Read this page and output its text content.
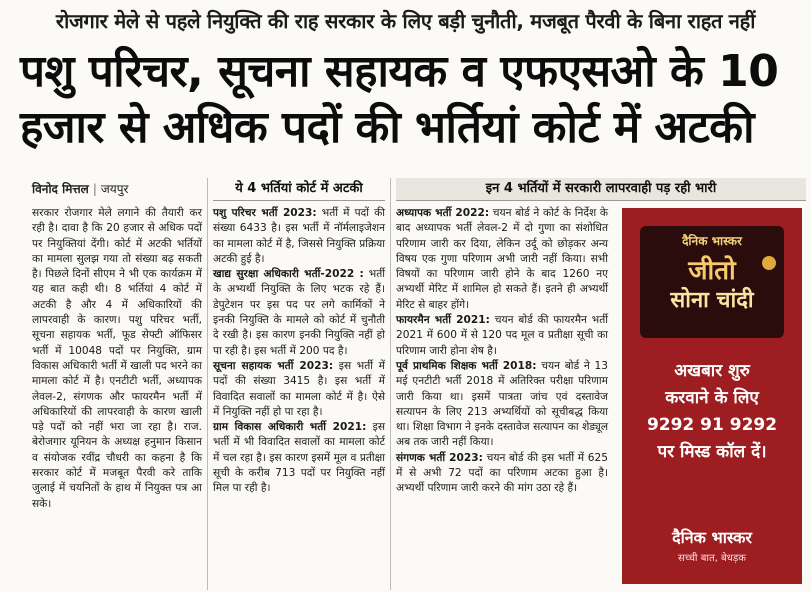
रोजगार मेले से पहले नियुक्ति की राह सरकार के लिए बड़ी चुनौती, मजबूत पैरवी के बिना राहत नहीं
पशु परिचर, सूचना सहायक व एफएसओ के 10
हजार से अधिक पदों की भर्तियां कोर्ट में अटकी
विनोद मित्तल | जयपुर	ये 4 भर्तियां कोर्ट में अटकी	इन 4 भर्तियों में सरकारी लापरवाही पड़ रही भारी

सरकार रोजगार मेले लगाने की तैयारी कर रही है। दावा है कि 20 हजार से अधिक पदों पर नियुक्तियां देंगी। कोर्ट में अटकी भर्तियों का मामला सुलझ गया तो संख्या बढ़ सकती है। पिछले दिनों सीएम ने भी एक कार्यक्रम में यह बात कही थी। 8 भर्तियां 4 कोर्ट में अटकी है और 4 में अधिकारियों की लापरवाही के कारण। पशु परिचर भर्ती, सूचना सहायक भर्ती, फूड सेफ्टी ऑफिसर भर्ती में 10048 पदों पर नियुक्ति, ग्राम विकास अधिकारी भर्ती में खाली पद भरने का मामला कोर्ट में है। एनटीटी भर्ती, अध्यापक लेवल-2, संगणक और फायरमैन भर्ती में अधिकारियों की लापरवाही के कारण खाली पड़े पदों को नहीं भरा जा रहा है। राज. बेरोजगार यूनियन के अध्यक्ष हनुमान किसान व संयोजक रवींद्र चौधरी का कहना है कि सरकार कोर्ट में मजबूत पैरवी करे ताकि जुलाई में चयनितों के हाथ में नियुक्त पत्र आ सके।

पशु परिचर भर्ती 2023: भर्ती में पदों की संख्या 6433 है। इस भर्ती में नॉर्मलाइजेशन का मामला कोर्ट में है, जिससे नियुक्ति प्रक्रिया अटकी हुई है।

खाद्य सुरक्षा अधिकारी भर्ती-2022 : भर्ती के अभ्यर्थी नियुक्ति के लिए भटक रहे हैं। डेपुटेशन पर इस पद पर लगे कार्मिकों ने इनकी नियुक्ति के मामले को कोर्ट में चुनौती दे रखी है। इस कारण इनकी नियुक्ति नहीं हो पा रही है। इस भर्ती में 200 पद है।

सूचना सहायक भर्ती 2023: इस भर्ती में पदों की संख्या 3415 है। इस भर्ती में विवादित सवालों का मामला कोर्ट में है। ऐसे में नियुक्ति नहीं हो पा रहा है।

ग्राम विकास अधिकारी भर्ती 2021: इस भर्ती में भी विवादित सवालों का मामला कोर्ट में चल रहा है। इस कारण इसमें मूल व प्रतीक्षा सूची के करीब 713 पदों पर नियुक्ति नहीं मिल पा रही है।

अध्यापक भर्ती 2022: चयन बोर्ड ने कोर्ट के निर्देश के बाद अध्यापक भर्ती लेवल-2 में दो गुणा का संशोधित परिणाम जारी कर दिया, लेकिन उर्दू को छोड़कर अन्य विषय एक गुणा परिणाम अभी जारी नहीं किया। सभी विषयों का परिणाम जारी होने के बाद 1260 नए अभ्यर्थी मेरिट में शामिल हो सकते हैं। इतने ही अभ्यर्थी मेरिट से बाहर होंगे।

फायरमैन भर्ती 2021: चयन बोर्ड की फायरमैन भर्ती 2021 में 600 में से 120 पद मूल व प्रतीक्षा सूची का परिणाम जारी होना शेष है।

पूर्व प्राथमिक शिक्षक भर्ती 2018: चयन बोर्ड ने 13 मई एनटीटी भर्ती 2018 में अतिरिक्त परीक्षा परिणाम जारी किया था। इसमें पात्रता जांच एवं दस्तावेज सत्यापन के लिए 213 अभ्यर्थियों को सूचीबद्ध किया था। शिक्षा विभाग ने इनके दस्तावेज सत्यापन का शेड्यूल अब तक जारी नहीं किया।

संगणक भर्ती 2023: चयन बोर्ड की इस भर्ती में 625 में से अभी 72 पदों का परिणाम अटका हुआ है। अभ्यर्थी परिणाम जारी करने की मांग उठा रहे हैं।

दैनिक भास्कर
जीतो
सोना चांदी
अखबार शुरु
करवाने के लिए
9292 91 9292
पर मिस्ड कॉल दें।
दैनिक भास्कर
सच्ची बात, बेधड़क
